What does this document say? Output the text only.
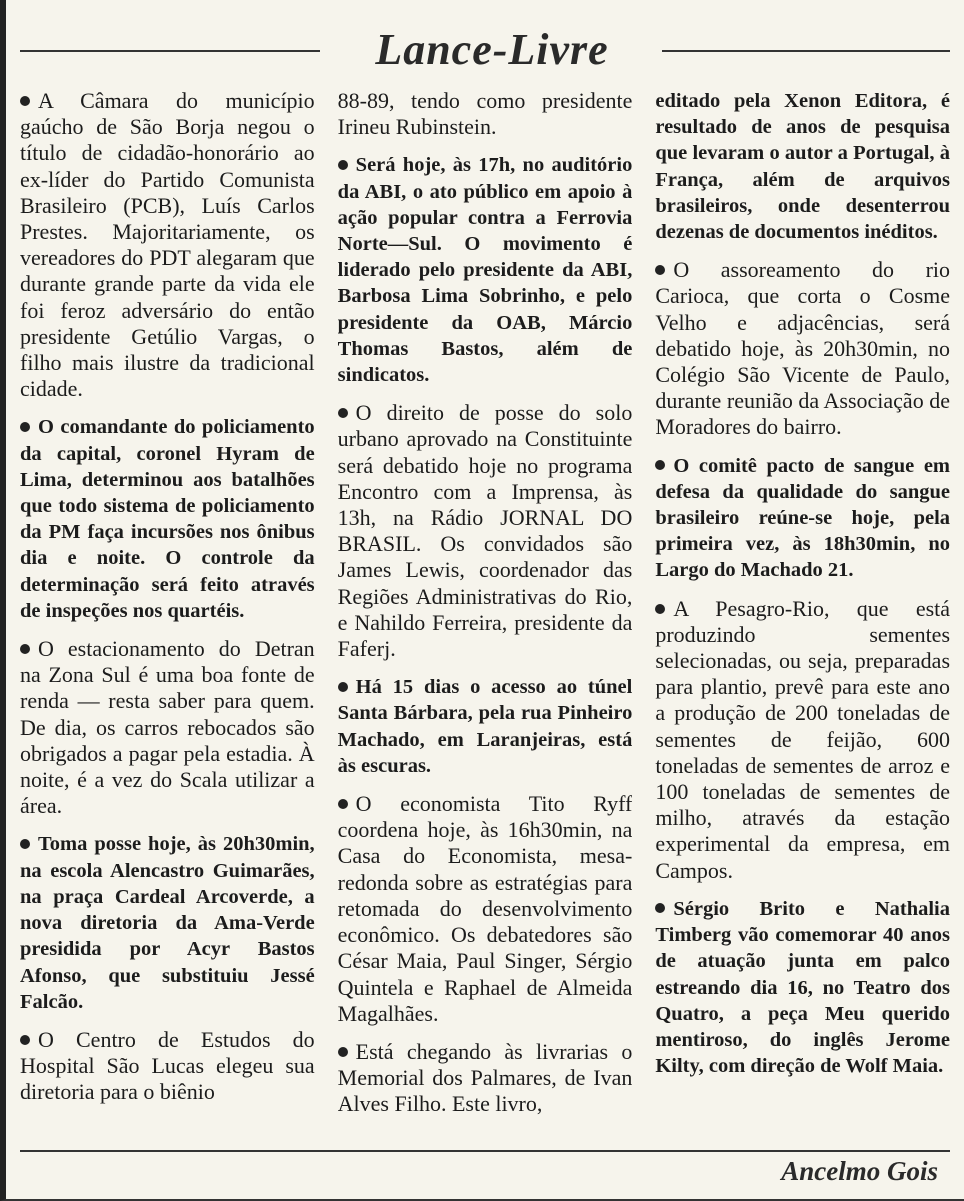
Lance-Livre

A Câmara do município gaúcho de São Borja negou o título de cidadão-honorário ao ex-líder do Partido Comunista Brasileiro (PCB), Luís Carlos Prestes. Majoritariamente, os vereadores do PDT alegaram que durante grande parte da vida ele foi feroz adversário do então presidente Getúlio Vargas, o filho mais ilustre da tradicional cidade.

O comandante do policiamento da capital, coronel Hyram de Lima, determinou aos batalhões que todo sistema de policiamento da PM faça incursões nos ônibus dia e noite. O controle da determinação será feito através de inspeções nos quartéis.

O estacionamento do Detran na Zona Sul é uma boa fonte de renda — resta saber para quem. De dia, os carros rebocados são obrigados a pagar pela estadia. À noite, é a vez do Scala utilizar a área.

Toma posse hoje, às 20h30min, na escola Alencastro Guimarães, na praça Cardeal Arcoverde, a nova diretoria da Ama-Verde presidida por Acyr Bastos Afonso, que substituiu Jessé Falcão.

O Centro de Estudos do Hospital São Lucas elegeu sua diretoria para o biênio

88-89, tendo como presidente Irineu Rubinstein.

Será hoje, às 17h, no auditório da ABI, o ato público em apoio à ação popular contra a Ferrovia Norte—Sul. O movimento é liderado pelo presidente da ABI, Barbosa Lima Sobrinho, e pelo presidente da OAB, Márcio Thomas Bastos, além de sindicatos.

O direito de posse do solo urbano aprovado na Constituinte será debatido hoje no programa Encontro com a Imprensa, às 13h, na Rádio JORNAL DO BRASIL. Os convidados são James Lewis, coordenador das Regiões Administrativas do Rio, e Nahildo Ferreira, presidente da Faferj.

Há 15 dias o acesso ao túnel Santa Bárbara, pela rua Pinheiro Machado, em Laranjeiras, está às escuras.

O economista Tito Ryff coordena hoje, às 16h30min, na Casa do Economista, mesa-redonda sobre as estratégias para retomada do desenvolvimento econômico. Os debatedores são César Maia, Paul Singer, Sérgio Quintela e Raphael de Almeida Magalhães.

Está chegando às livrarias o Memorial dos Palmares, de Ivan Alves Filho. Este livro,

editado pela Xenon Editora, é resultado de anos de pesquisa que levaram o autor a Portugal, à França, além de arquivos brasileiros, onde desenterrou dezenas de documentos inéditos.

O assoreamento do rio Carioca, que corta o Cosme Velho e adjacências, será debatido hoje, às 20h30min, no Colégio São Vicente de Paulo, durante reunião da Associação de Moradores do bairro.

O comitê pacto de sangue em defesa da qualidade do sangue brasileiro reúne-se hoje, pela primeira vez, às 18h30min, no Largo do Machado 21.

A Pesagro-Rio, que está produzindo sementes selecionadas, ou seja, preparadas para plantio, prevê para este ano a produção de 200 toneladas de sementes de feijão, 600 toneladas de sementes de arroz e 100 toneladas de sementes de milho, através da estação experimental da empresa, em Campos.

Sérgio Brito e Nathalia Timberg vão comemorar 40 anos de atuação junta em palco estreando dia 16, no Teatro dos Quatro, a peça Meu querido mentiroso, do inglês Jerome Kilty, com direção de Wolf Maia.

Ancelmo Gois
